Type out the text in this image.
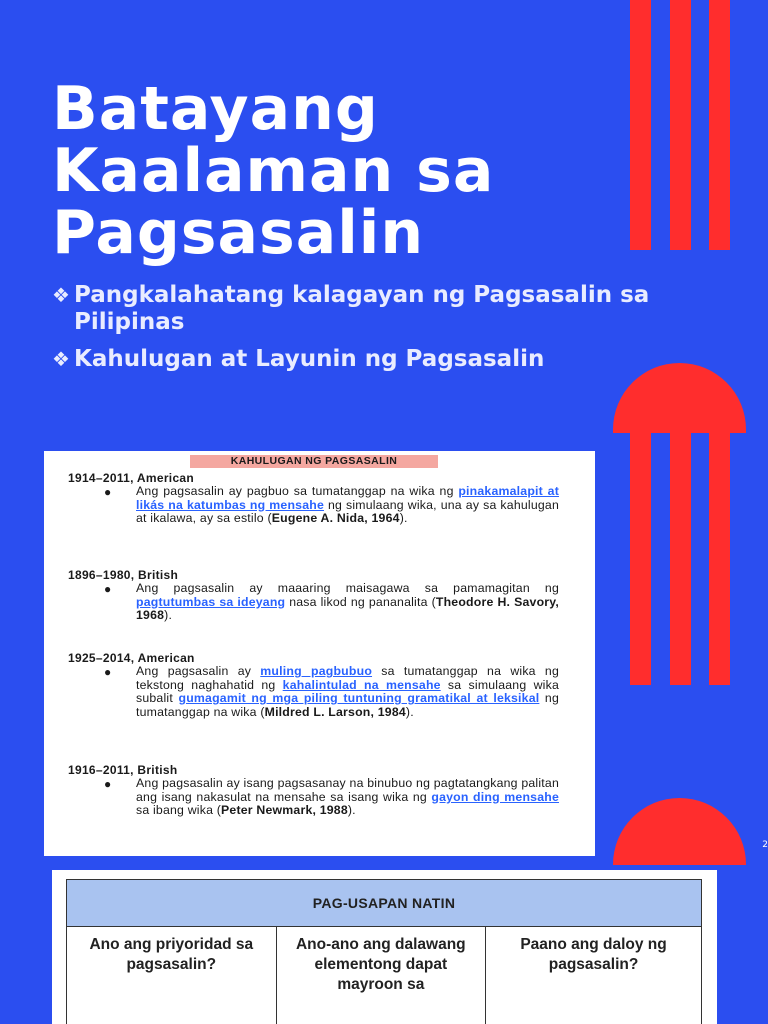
Batayang
Kaalaman sa
Pagsasalin
❖ Pangkalahatang kalagayan ng Pagsasalin sa Pilipinas
❖ Kahulugan at Layunin ng Pagsasalin
2
KAHULUGAN NG PAGSASALIN
1914–2011, American
● Ang pagsasalin ay pagbuo sa tumatanggap na wika ng pinakamalapit at likás na katumbas ng mensahe ng simulaang wika, una ay sa kahulugan at ikalawa, ay sa estilo (Eugene A. Nida, 1964).
1896–1980, British
● Ang pagsasalin ay maaaring maisagawa sa pamamagitan ng pagtutumbas sa ideyang nasa likod ng pananalita (Theodore H. Savory, 1968).
1925–2014, American
● Ang pagsasalin ay muling pagbubuo sa tumatanggap na wika ng tekstong naghahatid ng kahalintulad na mensahe sa simulaang wika subalit gumagamit ng mga piling tuntuning gramatikal at leksikal ng tumatanggap na wika (Mildred L. Larson, 1984).
1916–2011, British
● Ang pagsasalin ay isang pagsasanay na binubuo ng pagtatangkang palitan ang isang nakasulat na mensahe sa isang wika ng gayon ding mensahe sa ibang wika (Peter Newmark, 1988).
PAG-USAPAN NATIN
Ano ang priyoridad sa pagsasalin?	Ano-ano ang dalawang elementong dapat mayroon sa	Paano ang daloy ng pagsasalin?
